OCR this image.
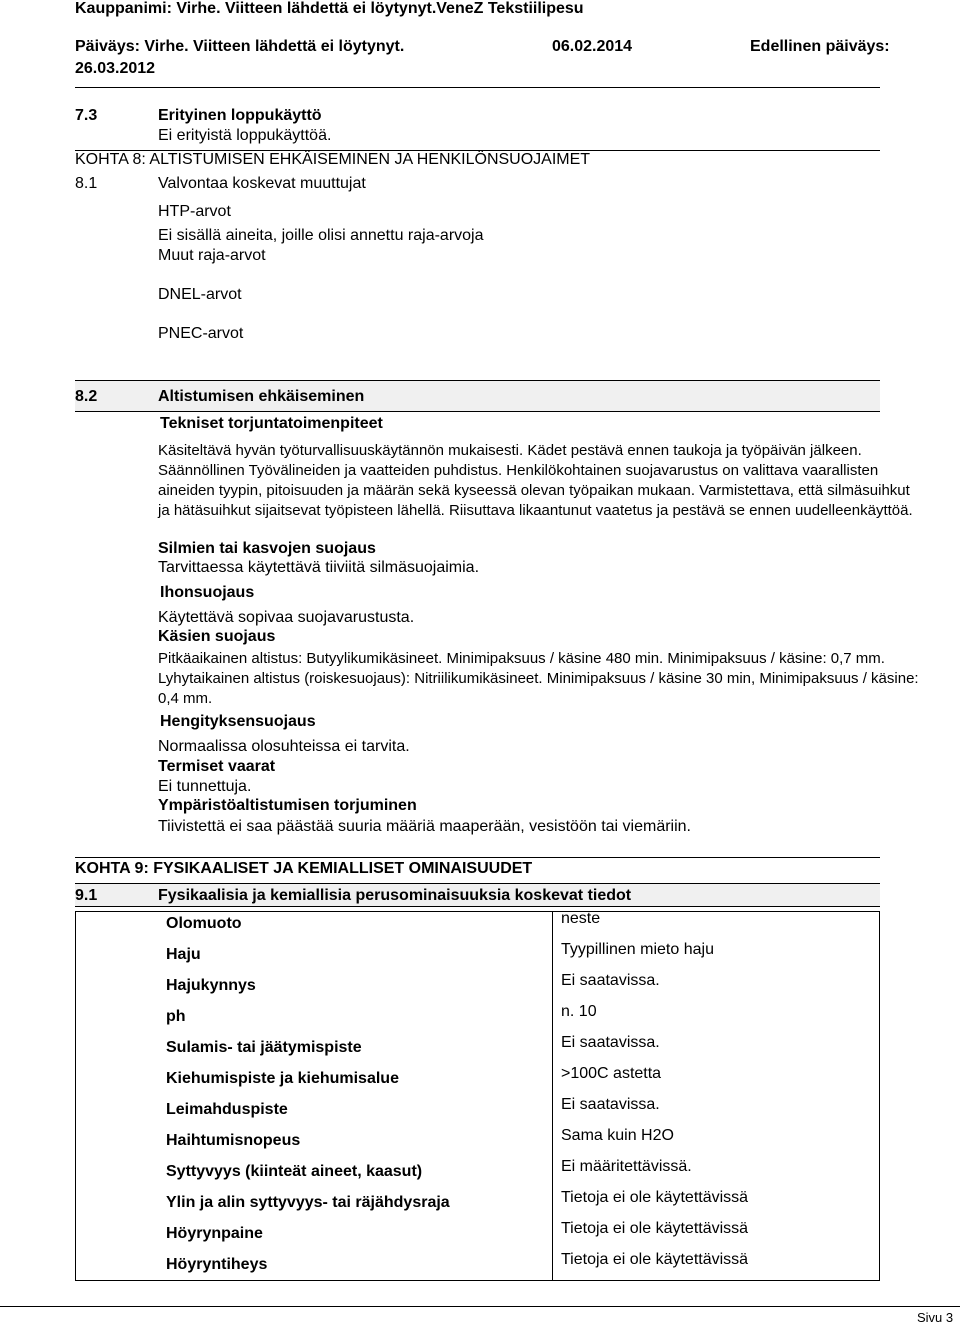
Kauppanimi: Virhe. Viitteen lähdettä ei löytynyt.VeneZ Tekstiilipesu
Päiväys: Virhe. Viitteen lähdettä ei löytynyt.	06.02.2014	Edellinen päiväys:
26.03.2012
7.3	Erityinen loppukäyttö
Ei erityistä loppukäyttöä.
KOHTA 8: ALTISTUMISEN EHKÄISEMINEN JA HENKILÖNSUOJAIMET
8.1	Valvontaa koskevat muuttujat
HTP-arvot
Ei sisällä aineita, joille olisi annettu raja-arvoja
Muut raja-arvot
DNEL-arvot
PNEC-arvot
8.2	Altistumisen ehkäiseminen
Tekniset torjuntatoimenpiteet
Käsiteltävä hyvän työturvallisuuskäytännön mukaisesti. Kädet pestävä ennen taukoja ja työpäivän jälkeen. Säännöllinen Työvälineiden ja vaatteiden puhdistus. Henkilökohtainen suojavarustus on valittava vaarallisten aineiden tyypin, pitoisuuden ja määrän sekä kyseessä olevan työpaikan mukaan. Varmistettava, että silmäsuihkut ja hätäsuihkut sijaitsevat työpisteen lähellä. Riisuttava likaantunut vaatetus ja pestävä se ennen uudelleenkäyttöä.
Silmien tai kasvojen suojaus
Tarvittaessa käytettävä tiiviitä silmäsuojaimia.
Ihonsuojaus
Käytettävä sopivaa suojavarustusta.
Käsien suojaus
Pitkäaikainen altistus: Butyylikumikäsineet. Minimipaksuus / käsine 480 min. Minimipaksuus / käsine: 0,7 mm. Lyhytaikainen altistus (roiskesuojaus): Nitriilikumikäsineet. Minimipaksuus / käsine 30 min, Minimipaksuus / käsine: 0,4 mm.
Hengityksensuojaus
Normaalissa olosuhteissa ei tarvita.
Termiset vaarat
Ei tunnettuja.
Ympäristöaltistumisen torjuminen
Tiivistettä ei saa päästää suuria määriä maaperään, vesistöön tai viemäriin.
KOHTA 9: FYSIKAALISET JA KEMIALLISET OMINAISUUDET
9.1	Fysikaalisia ja kemiallisia perusominaisuuksia koskevat tiedot
Olomuoto	neste
Haju	Tyypillinen mieto haju
Hajukynnys	Ei saatavissa.
ph	n. 10
Sulamis- tai jäätymispiste	Ei saatavissa.
Kiehumispiste ja kiehumisalue	>100C astetta
Leimahduspiste	Ei saatavissa.
Haihtumisnopeus	Sama kuin H2O
Syttyvyys (kiinteät aineet, kaasut)	Ei määritettävissä.
Ylin ja alin syttyvyys- tai räjähdysraja	Tietoja ei ole käytettävissä
Höyrynpaine	Tietoja ei ole käytettävissä
Höyryntiheys	Tietoja ei ole käytettävissä
Sivu 3
